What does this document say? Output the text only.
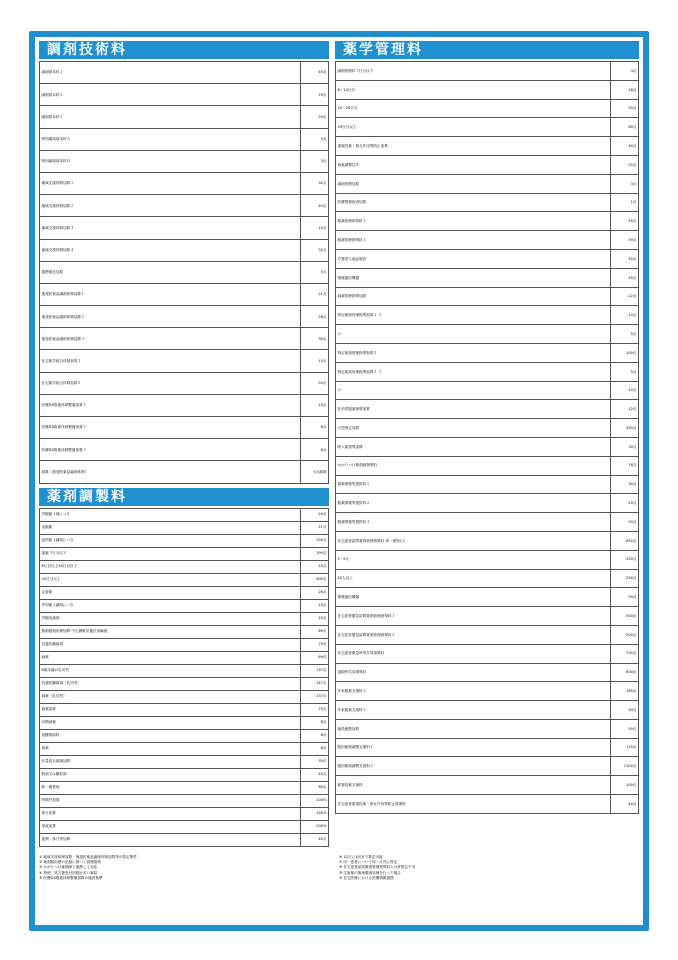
調剤技術料
調剤基本料１	45点
調剤基本料２	29点
調剤基本料３	24点
特別調剤基本料Ａ	5点
特別調剤基本料Ｂ	3点
地域支援体制加算１	32点
地域支援体制加算２	40点
地域支援体制加算３	10点
地域支援体制加算４	32点
連携強化加算	5点
後発医薬品調剤体制加算１	21点
後発医薬品調剤体制加算２	28点
後発医薬品調剤体制加算３	30点
在宅薬学総合体制加算１	15点
在宅薬学総合体制加算２	50点
医療DX推進体制整備加算１	10点
医療DX推進体制整備加算２	8点
医療DX推進体制整備加算３	6点
減算（後発医薬品調剤体制）	5点減算
薬剤調製料
内服薬 1剤につき	24点
屯服薬	21点
浸煎薬 1調剤につき	190点
湯薬 7日分以下	190点
8日目以上28日目以下	10点
29日分以上	400点
注射薬	26点
外用薬 1調剤につき	10点
内服用滴剤	10点
無菌製剤処理加算 中心静脈栄養法用輸液	69点
抗悪性腫瘍剤	79点
麻薬	69点
6歳未満の乳幼児	137点
抗悪性腫瘍剤（乳幼児）	147点
麻薬（乳幼児）	137点
麻薬加算	70点
向精神薬	8点
覚醒剤原料	8点
毒薬	8点
計量混合調剤加算	35点
散剤又は顆粒剤	45点
軟・硬膏剤	80点
時間外加算	100%
休日加算	140%
深夜加算	200%
夜間・休日等加算	40点
薬学管理料
調剤管理料 7日分以下	4点
8〜14日分	28点
15〜28日分	50点
29日分以上	60点
重複投薬・相互作用等防止加算	40点
残薬調整以外	20点
調剤管理加算	3点
医療情報取得加算	1点
服薬管理指導料１	45点
服薬管理指導料２	59点
介護老人福祉施設	45点
情報通信機器	45点
麻薬管理指導加算	22点
特定薬剤管理指導加算１ イ	10点
ロ	5点
特定薬剤管理指導加算２	100点
特定薬剤管理指導加算３ イ	5点
ロ	10点
乳幼児服薬指導加算	12点
小児特定加算	350点
吸入薬指導加算	30点
かかりつけ薬剤師指導料	76点
服薬情報等提供料１	30点
服薬情報等提供料２	20点
服薬情報等提供料３	50点
在宅患者訪問薬剤管理指導料 単一建物1人	650点
2〜9人	320点
10人以上	290点
情報通信機器	59点
在宅患者緊急訪問薬剤管理指導料１	500点
在宅患者緊急訪問薬剤管理指導料２	200点
在宅患者緊急時等共同指導料	700点
退院時共同指導料	600点
外来服薬支援料１	185点
外来服薬支援料２	34点
施設連携加算	50点
服用薬剤調整支援料１	125点
服用薬剤調整支援料２	1100点
経管投薬支援料	100点
在宅患者重複投薬・相互作用等防止管理料	40点
① 地域支援体制加算・後発医薬品調剤体制加算等の算定要件	⑥ 12月に1回まで算定可能
② 薬剤服用歴の記録に基づく管理指導	⑦ 同一患者について同一月内に算定
③ かかりつけ薬剤師と連携して対応	⑧ 在宅患者訪問薬剤管理指導料との併算定不可
④ 特例：処方箋受付回数が多い薬局	⑨ 注射薬の無菌製剤処理を行った場合
⑤ 医療DX推進体制整備加算の施設基準	⑩ 在宅医療における医療情報連携
